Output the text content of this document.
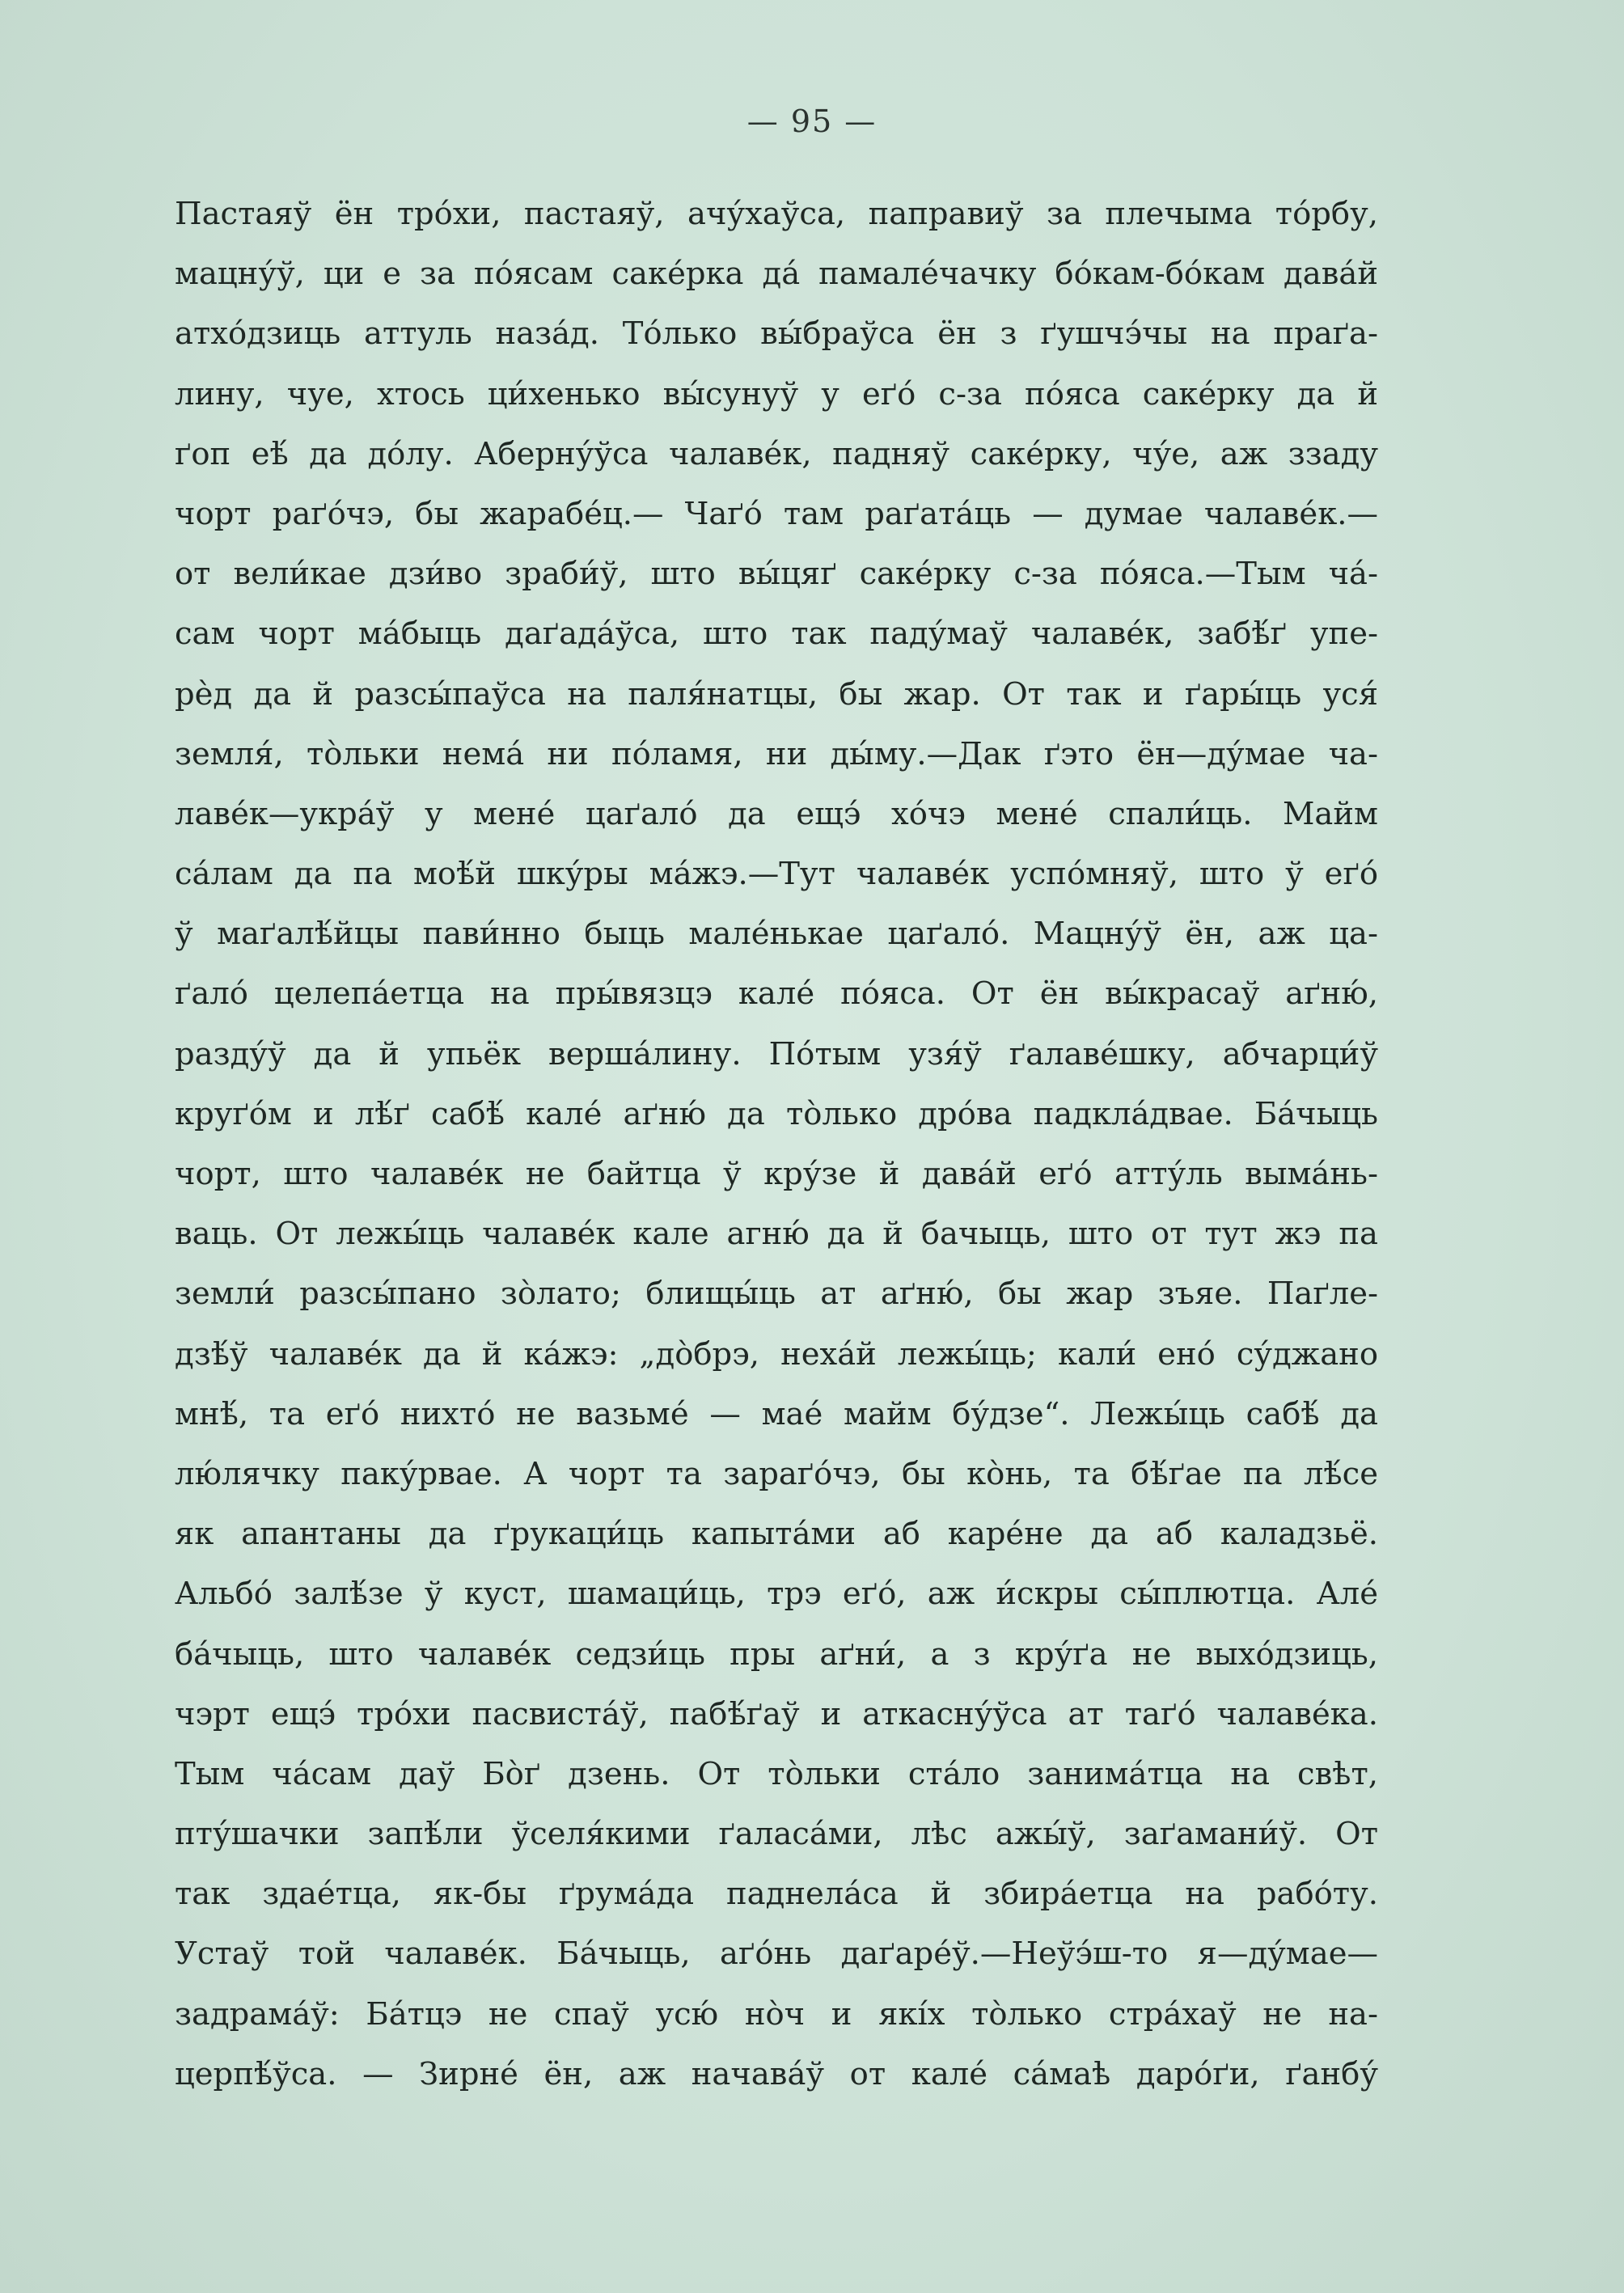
— 95 —
Пастаяў ён тро́хи, пастаяў, ачу́хаўса, паправиў за плечыма то́рбу,
мацну́ў, ци е за по́ясам саке́рка да́ памале́чачку бо́кам-бо́кам дава́й
атхо́дзиць аттуль наза́д. То́лько вы́браўса ён з ґушчэ́чы на праґа-
лину, чуе, хтось ци́хенько вы́сунуў у еґо́ с-за по́яса саке́рку да й
ґоп еѣ́ да до́лу. Аберну́ўса чалаве́к, падняў саке́рку, чу́е, аж ззаду
чорт раґо́чэ, бы жарабе́ц.— Чаґо́ там раґата́ць — думае чалаве́к.—
от вели́кае дзи́во зраби́ў, што вы́цяґ саке́рку с-за по́яса.—Тым ча́-
сам чорт ма́быць даґада́ўса, што так паду́маў чалаве́к, забѣ́ґ упе-
рѐд да й разсы́паўса на паля́натцы, бы жар. От так и ґары́ць уся́
земля́, то̀льки нема́ ни по́ламя, ни ды́му.—Дак ґэто ён—ду́мае ча-
лаве́к—укра́ў у мене́ цаґало́ да ещэ́ хо́чэ мене́ спали́ць. Майм
са́лам да па моѣ́й шку́ры ма́жэ.—Тут чалаве́к успо́мняў, што ў еґо́
ў маґалѣ́йцы пави́нно быць мале́нькае цаґало́. Мацну́ў ён, аж ца-
ґало́ целепа́етца на пры́вязцэ кале́ по́яса. От ён вы́красаў аґню́,
разду́ў да й упьёк верша́лину. По́тым узя́ў ґалаве́шку, абчарци́ў
круґо́м и лѣ́ґ сабѣ́ кале́ аґню́ да то̀лько дро́ва падкла́двае. Ба́чыць
чорт, што чалаве́к не байтца ў кру́зе й дава́й еґо́ атту́ль выма́нь-
ваць. От лежы́ць чалаве́к кале агню́ да й бачыць, што от тут жэ па
земли́ разсы́пано зо̀лато; блищы́ць ат аґню́, бы жар зъяе. Паґле-
дзѣ́ў чалаве́к да й ка́жэ: „до̀брэ, неха́й лежы́ць; кали́ ено́ су́джано
мнѣ́, та еґо́ нихто́ не вазьме́ — мае́ майм бу́дзе“. Лежы́ць сабѣ́ да
лю́лячку паку́рвае. А чорт та зараґо́чэ, бы ко̀нь, та бѣ́ґае па лѣ́се
як апантаны да ґрукаци́ць капыта́ми аб каре́не да аб каладзьё.
Альбо́ залѣ́зе ў куст, шамаци́ць, трэ еґо́, аж и́скры сы́плютца. Але́
ба́чыць, што чалаве́к седзи́ць пры аґни́, а з кру́ґа не выхо́дзиць,
чэрт ещэ́ тро́хи пасвиста́ў, пабѣ́ґаў и аткасну́ўса ат таґо́ чалаве́ка.
Тым ча́сам даў Бо̀ґ дзень. От то̀льки ста́ло занима́тца на свѣт,
пту́шачки запѣ́ли ўселя́кими ґаласа́ми, лѣс ажы́ў, заґамани́ў. От
так здае́тца, як-бы ґрума́да паднела́са й збира́етца на рабо́ту.
Устаў той чалаве́к. Ба́чыць, аґо́нь даґаре́ў.—Неўэ́ш-то я—ду́мае—
задрама́ў: Ба́тцэ не спаў усю́ но̀ч и які́х то̀лько стра́хаў не на-
церпѣ́ўса. — Зирне́ ён, аж начава́ў от кале́ са́маѣ даро́ґи, ґанбу́
